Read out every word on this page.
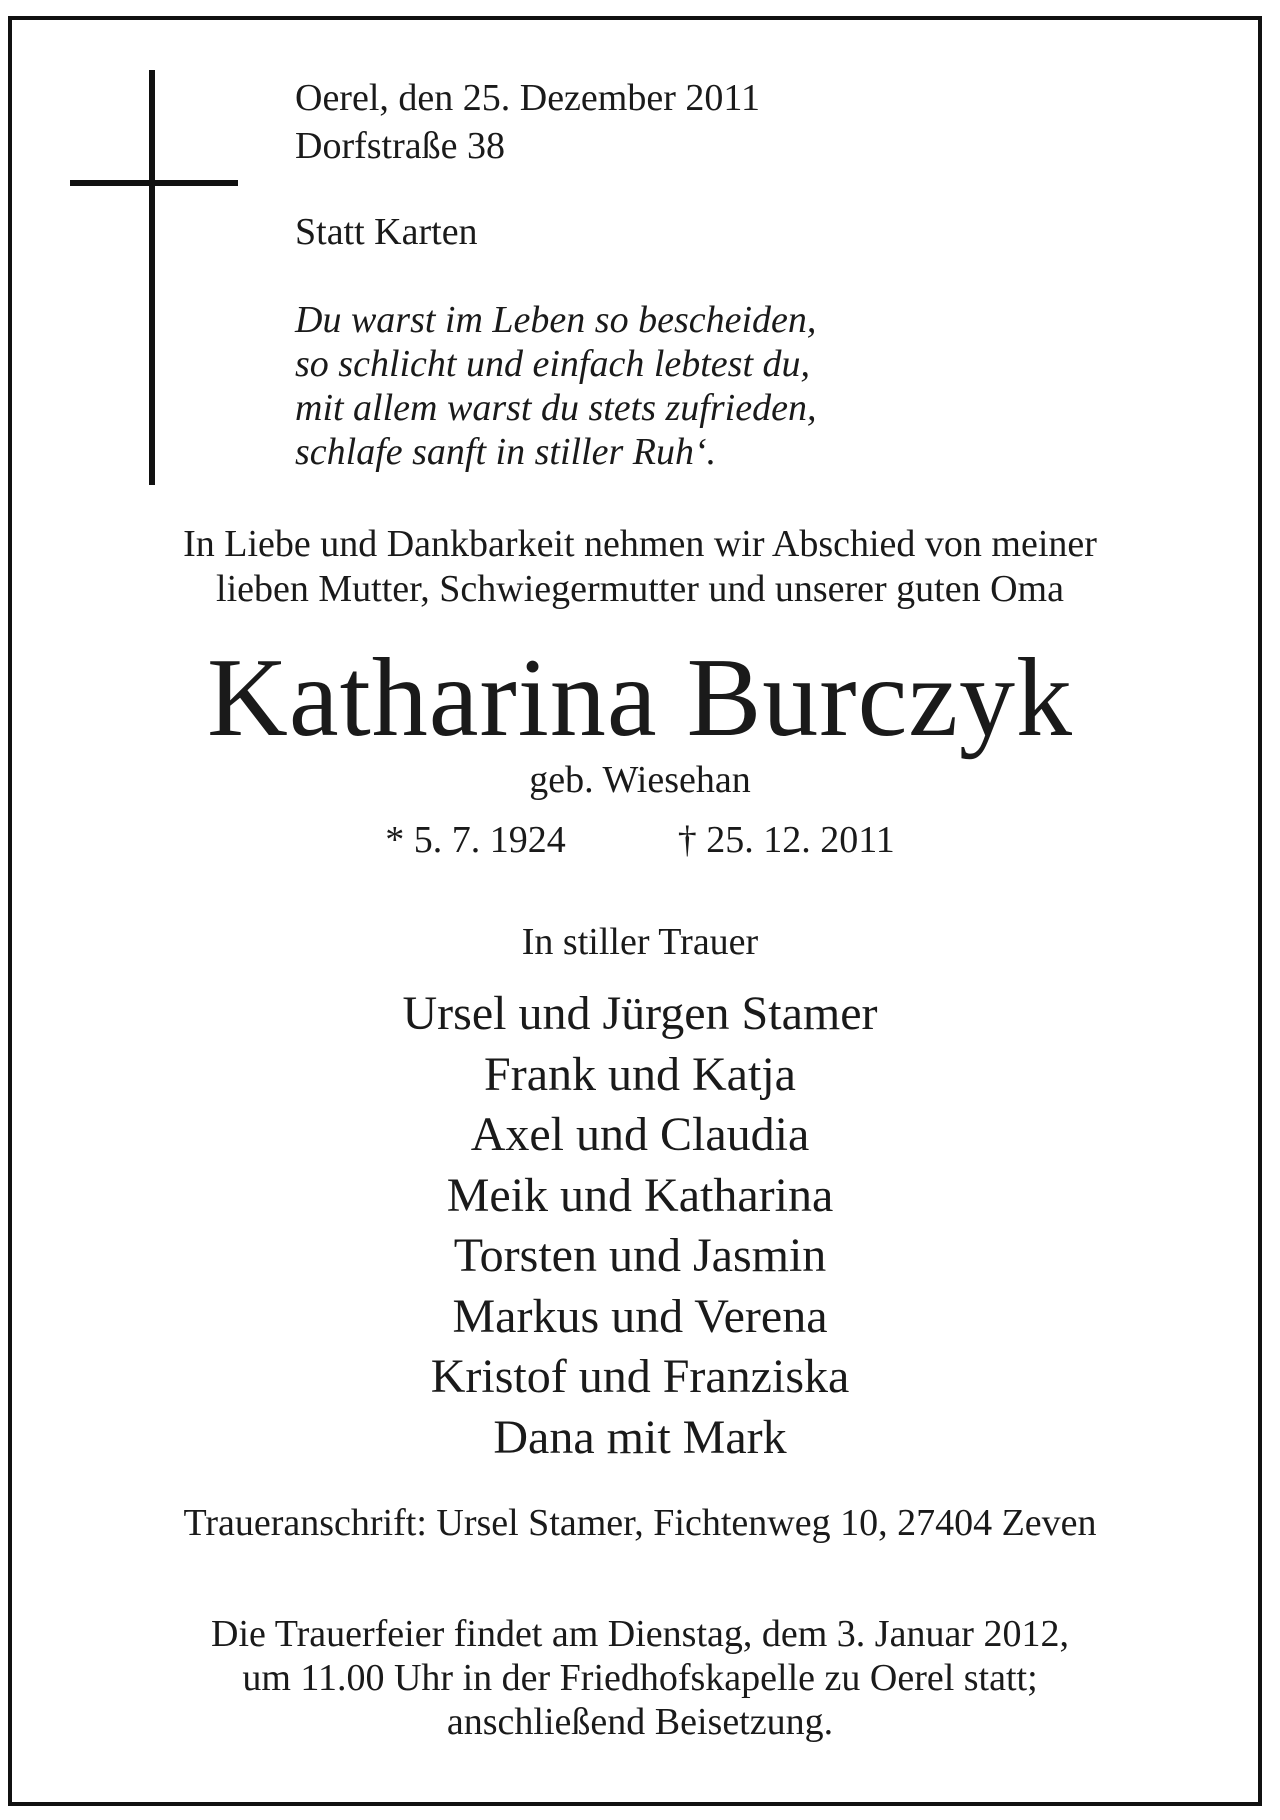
Oerel, den 25. Dezember 2011
Dorfstraße 38
Statt Karten
Du warst im Leben so bescheiden,
so schlicht und einfach lebtest du,
mit allem warst du stets zufrieden,
schlafe sanft in stiller Ruh‘.
In Liebe und Dankbarkeit nehmen wir Abschied von meiner
lieben Mutter, Schwiegermutter und unserer guten Oma
Katharina Burczyk
geb. Wiesehan
* 5. 7. 1924	† 25. 12. 2011
In stiller Trauer
Ursel und Jürgen Stamer
Frank und Katja
Axel und Claudia
Meik und Katharina
Torsten und Jasmin
Markus und Verena
Kristof und Franziska
Dana mit Mark
Traueranschrift: Ursel Stamer, Fichtenweg 10, 27404 Zeven
Die Trauerfeier findet am Dienstag, dem 3. Januar 2012,
um 11.00 Uhr in der Friedhofskapelle zu Oerel statt;
anschließend Beisetzung.
